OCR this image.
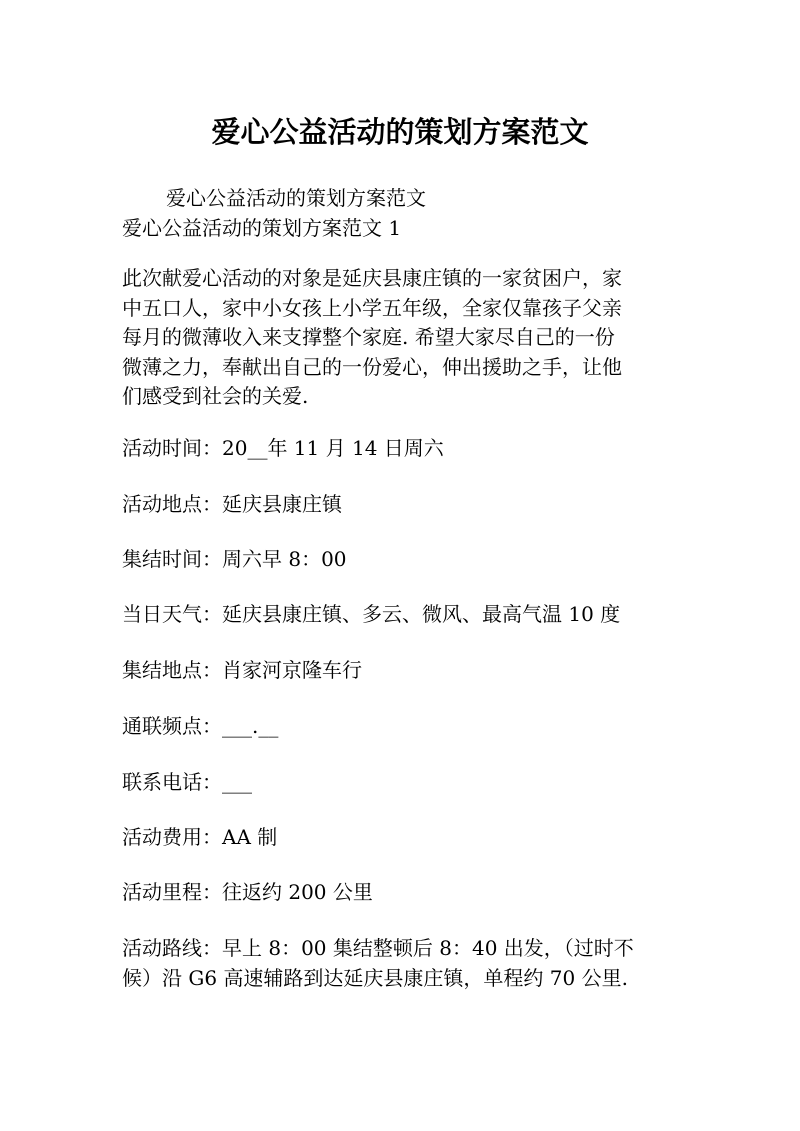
爱心公益活动的策划方案范文

爱心公益活动的策划方案范文

爱心公益活动的策划方案范文 1

此次献爱心活动的对象是延庆县康庄镇的一家贫困户，家
中五口人，家中小女孩上小学五年级，全家仅靠孩子父亲
每月的微薄收入来支撑整个家庭. 希望大家尽自己的一份
微薄之力，奉献出自己的一份爱心，伸出援助之手，让他
们感受到社会的关爱.

活动时间：20__年 11 月 14 日周六

活动地点：延庆县康庄镇

集结时间：周六早 8：00

当日天气：延庆县康庄镇、多云、微风、最高气温 10 度

集结地点：肖家河京隆车行

通联频点：___.__

联系电话：___

活动费用：AA 制

活动里程：往返约 200 公里

活动路线：早上 8：00 集结整顿后 8：40 出发，（过时不
候）沿 G6 高速辅路到达延庆县康庄镇，单程约 70 公里.
